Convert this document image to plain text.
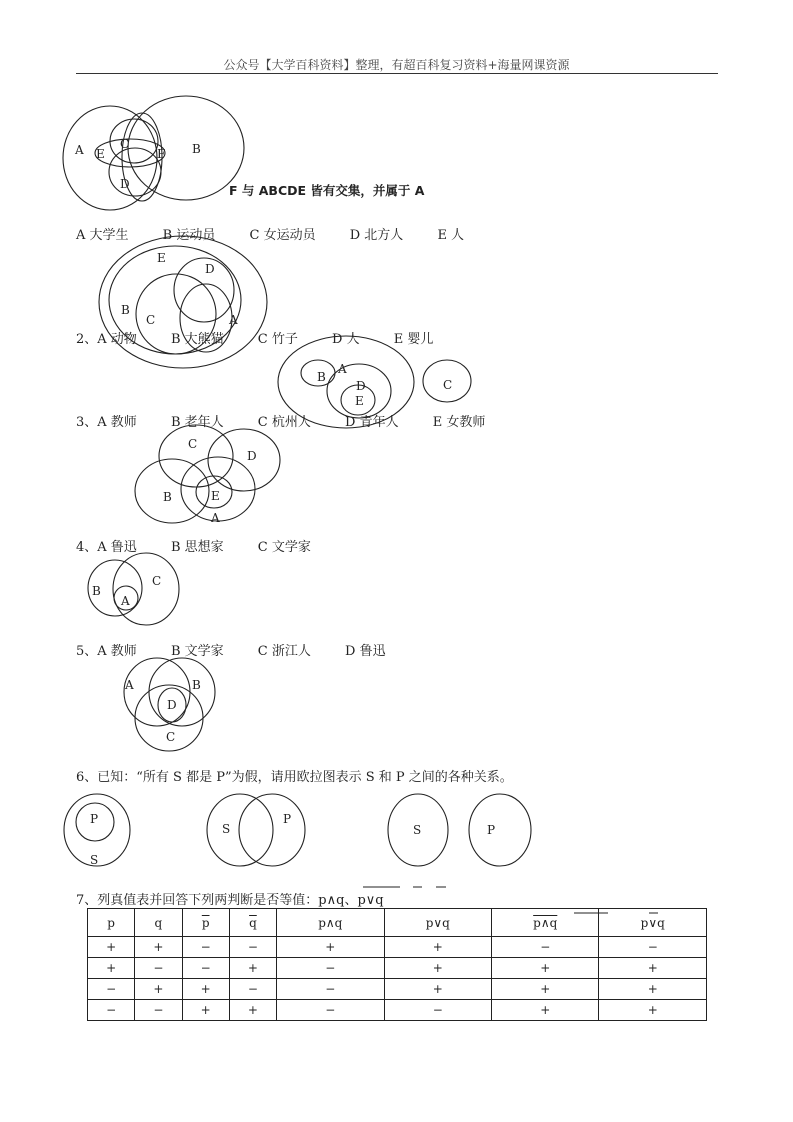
公众号【大学百科资料】整理，有超百科复习资料+海量网课资源
A E
C
F B
D
E
D
B
C	A
B
A
D
E
C
C
D
B	E
A
B
C
A
A	B
D
C
P
S
S
P
S	P
F 与 ABCDE 皆有交集，并属于 A
A 大学生	B 运动员	C 女运动员	D 北方人	E 人
2、A 动物	B 大熊猫	C 竹子	D 人	E 婴儿
3、A 教师	B 老年人	C 杭州人	D 青年人	E 女教师
4、A 鲁迅	B 思想家	C 文学家
5、A 教师	B 文学家	C 浙江人	D 鲁迅
6、已知：“所有 S 都是 P”为假，请用欧拉图表示 S 和 P 之间的各种关系。
7、列真值表并回答下列两判断是否等值：p∧q、p∨q
p	q	$\overline{p}$	$\overline{q}$	p∧q	p∨q	p∧q	p∨q
+	+	−	−	+	+	−	−
+	−	−	+	−	+	+	+
−	+	+	−	−	+	+	+
−	−	+	+	−	−	+	+
